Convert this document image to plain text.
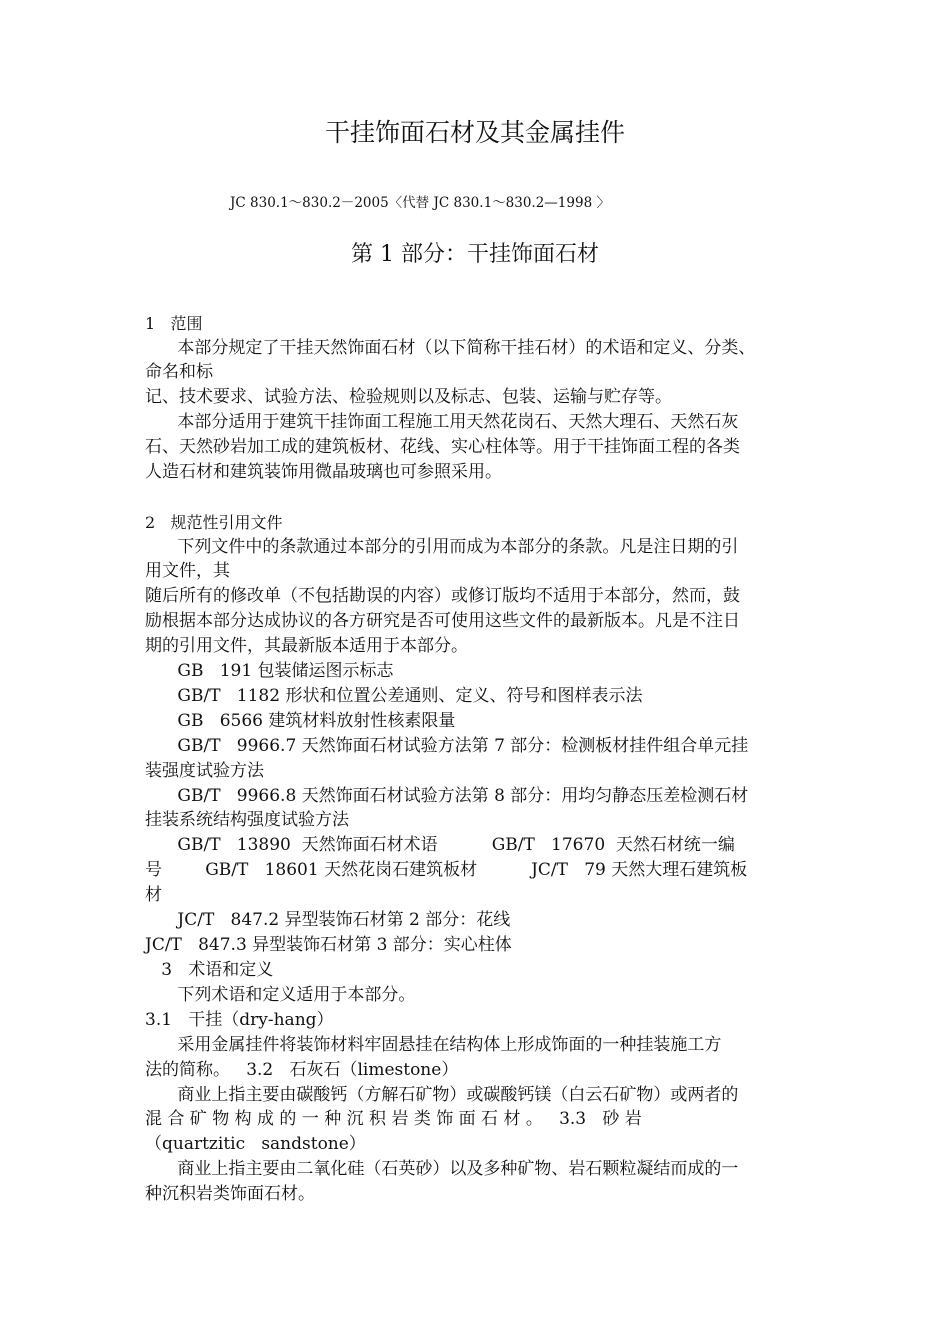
干挂饰面石材及其金属挂件
JC 830.1～830.2－2005〈代替 JC 830.1～830.2—1998 〉
第 1 部分：干挂饰面石材
1   范围
本部分规定了干挂天然饰面石材（以下简称干挂石材）的术语和定义、分类、
命名和标
记、技术要求、试验方法、检验规则以及标志、包装、运输与贮存等。
本部分适用于建筑干挂饰面工程施工用天然花岗石、天然大理石、天然石灰
石、天然砂岩加工成的建筑板材、花线、实心柱体等。用于干挂饰面工程的各类
人造石材和建筑装饰用微晶玻璃也可参照采用。
2   规范性引用文件
下列文件中的条款通过本部分的引用而成为本部分的条款。凡是注日期的引
用文件，其
随后所有的修改单（不包括勘误的内容）或修订版均不适用于本部分，然而，鼓
励根据本部分达成协议的各方研究是否可使用这些文件的最新版本。凡是不注日
期的引用文件，其最新版本适用于本部分。
GB   191 包装储运图示标志
GB/T   1182 形状和位置公差通则、定义、符号和图样表示法
GB   6566 建筑材料放射性核素限量
GB/T   9966.7 天然饰面石材试验方法第 7 部分：检测板材挂件组合单元挂
装强度试验方法
GB/T   9966.8 天然饰面石材试验方法第 8 部分：用均匀静态压差检测石材
挂装系统结构强度试验方法
GB/T   13890  天然饰面石材术语          GB/T   17670  天然石材统一编
号        GB/T   18601 天然花岗石建筑板材          JC/T   79 天然大理石建筑板
材
JC/T   847.2 异型装饰石材第 2 部分：花线
JC/T   847.3 异型装饰石材第 3 部分：实心柱体
3   术语和定义
下列术语和定义适用于本部分。
3.1   干挂（dry-hang）
采用金属挂件将装饰材料牢固悬挂在结构体上形成饰面的一种挂装施工方
法的简称。   3.2   石灰石（limestone）
商业上指主要由碳酸钙（方解石矿物）或碳酸钙镁（白云石矿物）或两者的
混 合 矿 物 构 成 的 一 种 沉 积 岩 类 饰 面 石 材 。   3.3   砂 岩
（quartzitic   sandstone）
商业上指主要由二氧化硅（石英砂）以及多种矿物、岩石颗粒凝结而成的一
种沉积岩类饰面石材。
